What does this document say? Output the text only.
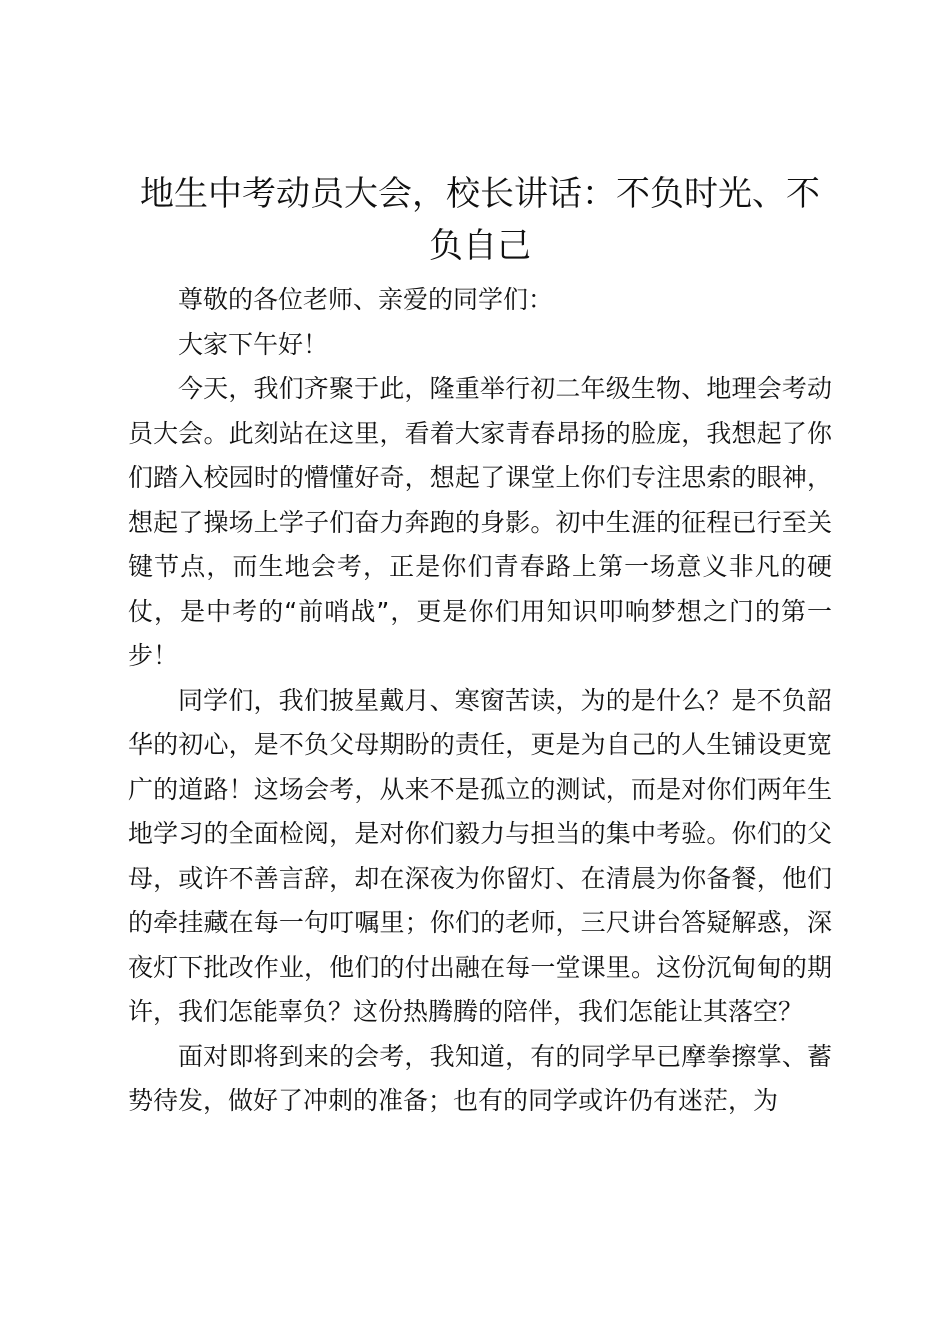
地生中考动员大会，校长讲话：不负时光、不负自己

尊敬的各位老师、亲爱的同学们：

大家下午好！

今天，我们齐聚于此，隆重举行初二年级生物、地理会考动员大会。此刻站在这里，看着大家青春昂扬的脸庞，我想起了你们踏入校园时的懵懂好奇，想起了课堂上你们专注思索的眼神，想起了操场上学子们奋力奔跑的身影。初中生涯的征程已行至关键节点，而生地会考，正是你们青春路上第一场意义非凡的硬仗，是中考的“前哨战”，更是你们用知识叩响梦想之门的第一步！

同学们，我们披星戴月、寒窗苦读，为的是什么？是不负韶华的初心，是不负父母期盼的责任，更是为自己的人生铺设更宽广的道路！这场会考，从来不是孤立的测试，而是对你们两年生地学习的全面检阅，是对你们毅力与担当的集中考验。你们的父母，或许不善言辞，却在深夜为你留灯、在清晨为你备餐，他们的牵挂藏在每一句叮嘱里；你们的老师，三尺讲台答疑解惑，深夜灯下批改作业，他们的付出融在每一堂课里。这份沉甸甸的期许，我们怎能辜负？这份热腾腾的陪伴，我们怎能让其落空？

面对即将到来的会考，我知道，有的同学早已摩拳擦掌、蓄势待发，做好了冲刺的准备；也有的同学或许仍有迷茫，为
